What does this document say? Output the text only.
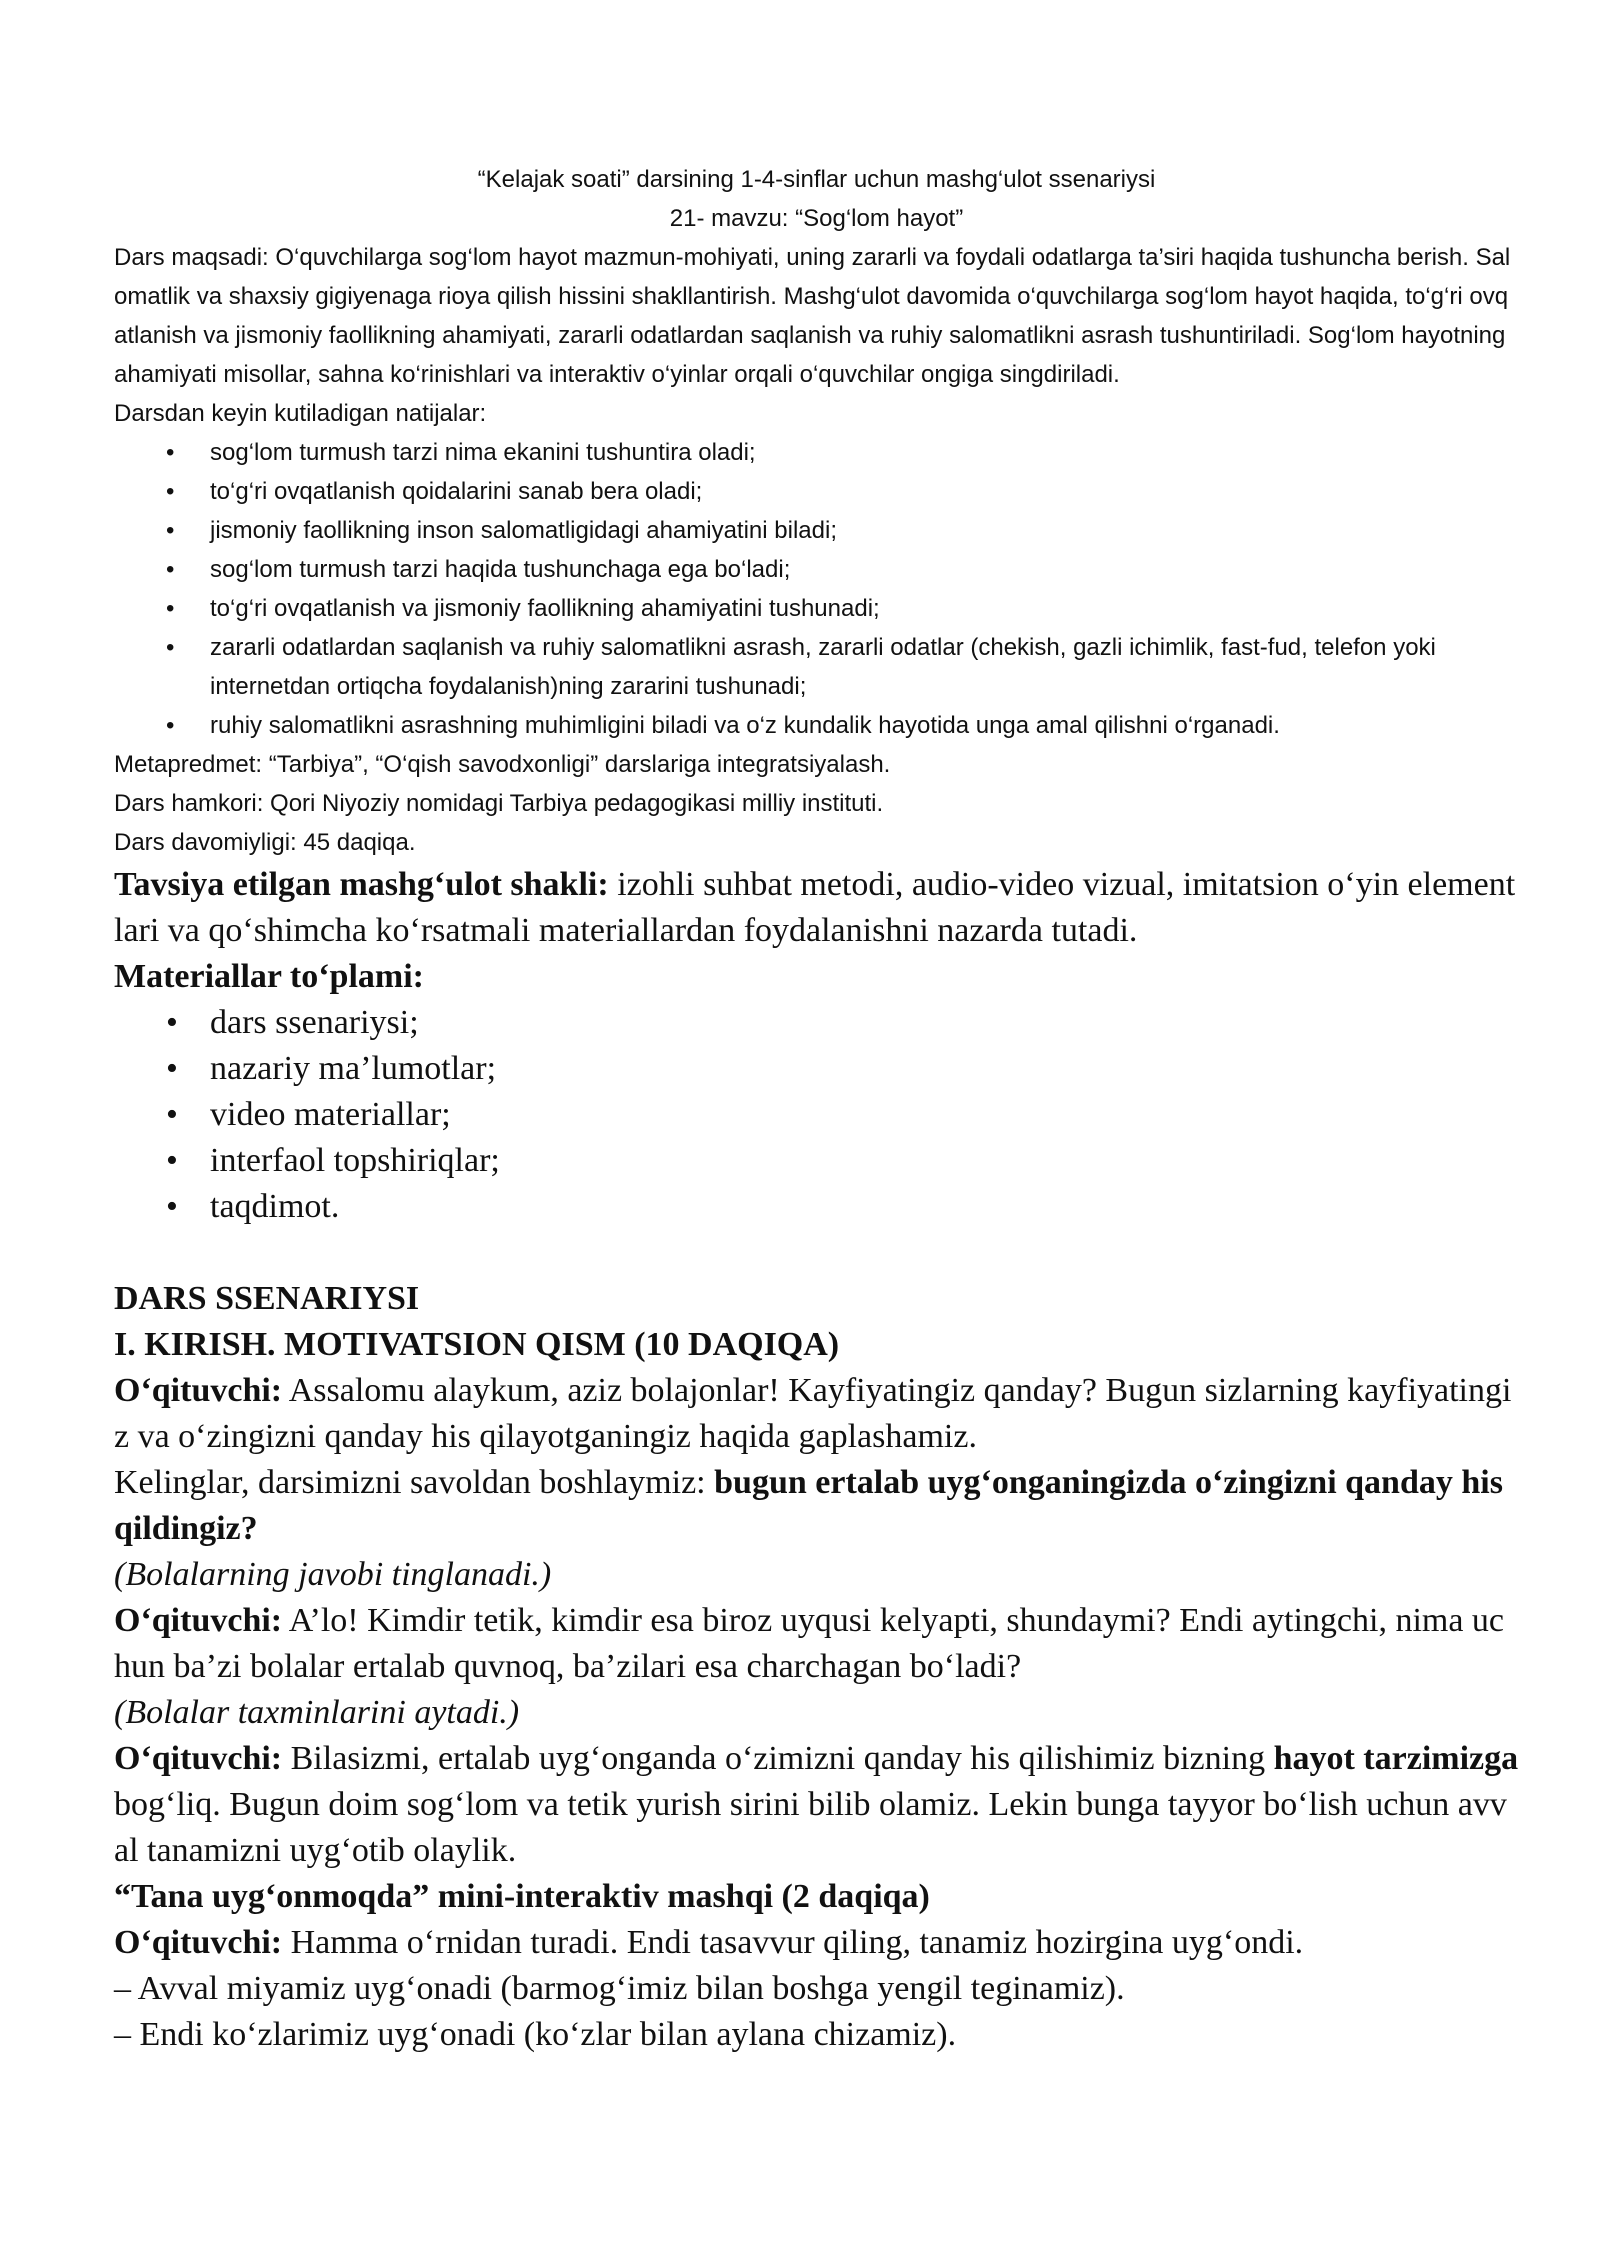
“Kelajak soati” darsining 1-4-sinflar uchun mashg‘ulot ssenariysi

21- mavzu: “Sog‘lom hayot”

Dars maqsadi: O‘quvchilarga sog‘lom hayot mazmun-mohiyati, uning zararli va foydali odatlarga ta’siri haqida tushuncha berish. Salomatlik va shaxsiy gigiyenaga rioya qilish hissini shakllantirish. Mashg‘ulot davomida o‘quvchilarga sog‘lom hayot haqida, to‘g‘ri ovqatlanish va jismoniy faollikning ahamiyati, zararli odatlardan saqlanish va ruhiy salomatlikni asrash tushuntiriladi. Sog‘lom hayotning ahamiyati misollar, sahna ko‘rinishlari va interaktiv o‘yinlar orqali o‘quvchilar ongiga singdiriladi.

Darsdan keyin kutiladigan natijalar:

• sog‘lom turmush tarzi nima ekanini tushuntira oladi;
• to‘g‘ri ovqatlanish qoidalarini sanab bera oladi;
• jismoniy faollikning inson salomatligidagi ahamiyatini biladi;
• sog‘lom turmush tarzi haqida tushunchaga ega bo‘ladi;
• to‘g‘ri ovqatlanish va jismoniy faollikning ahamiyatini tushunadi;
• zararli odatlardan saqlanish va ruhiy salomatlikni asrash, zararli odatlar (chekish, gazli ichimlik, fast-fud, telefon yoki internetdan ortiqcha foydalanish)ning zararini tushunadi;
• ruhiy salomatlikni asrashning muhimligini biladi va o‘z kundalik hayotida unga amal qilishni o‘rganadi.

Metapredmet: “Tarbiya”, “O‘qish savodxonligi” darslariga integratsiyalash.

Dars hamkori: Qori Niyoziy nomidagi Tarbiya pedagogikasi milliy instituti.

Dars davomiyligi: 45 daqiqa.

Tavsiya etilgan mashg‘ulot shakli: izohli suhbat metodi, audio-video vizual, imitatsion o‘yin elementlari va qo‘shimcha ko‘rsatmali materiallardan foydalanishni nazarda tutadi.

Materiallar to‘plami:

• dars ssenariysi;
• nazariy ma’lumotlar;
• video materiallar;
• interfaol topshiriqlar;
• taqdimot.

DARS SSENARIYSI

I. KIRISH. MOTIVATSION QISM (10 DAQIQA)

O‘qituvchi: Assalomu alaykum, aziz bolajonlar! Kayfiyatingiz qanday? Bugun sizlarning kayfiyatingiz va o‘zingizni qanday his qilayotganingiz haqida gaplashamiz.

Kelinglar, darsimizni savoldan boshlaymiz: bugun ertalab uyg‘onganingizda o‘zingizni qanday his qildingiz?

(Bolalarning javobi tinglanadi.)

O‘qituvchi: A’lo! Kimdir tetik, kimdir esa biroz uyqusi kelyapti, shundaymi? Endi aytingchi, nima uchun ba’zi bolalar ertalab quvnoq, ba’zilari esa charchagan bo‘ladi?

(Bolalar taxminlarini aytadi.)

O‘qituvchi: Bilasizmi, ertalab uyg‘onganda o‘zimizni qanday his qilishimiz bizning hayot tarzimizga bog‘liq. Bugun doim sog‘lom va tetik yurish sirini bilib olamiz. Lekin bunga tayyor bo‘lish uchun avval tanamizni uyg‘otib olaylik.

“Tana uyg‘onmoqda” mini-interaktiv mashqi (2 daqiqa)

O‘qituvchi: Hamma o‘rnidan turadi. Endi tasavvur qiling, tanamiz hozirgina uyg‘ondi.

– Avval miyamiz uyg‘onadi (barmog‘imiz bilan boshga yengil teginamiz).

– Endi ko‘zlarimiz uyg‘onadi (ko‘zlar bilan aylana chizamiz).
